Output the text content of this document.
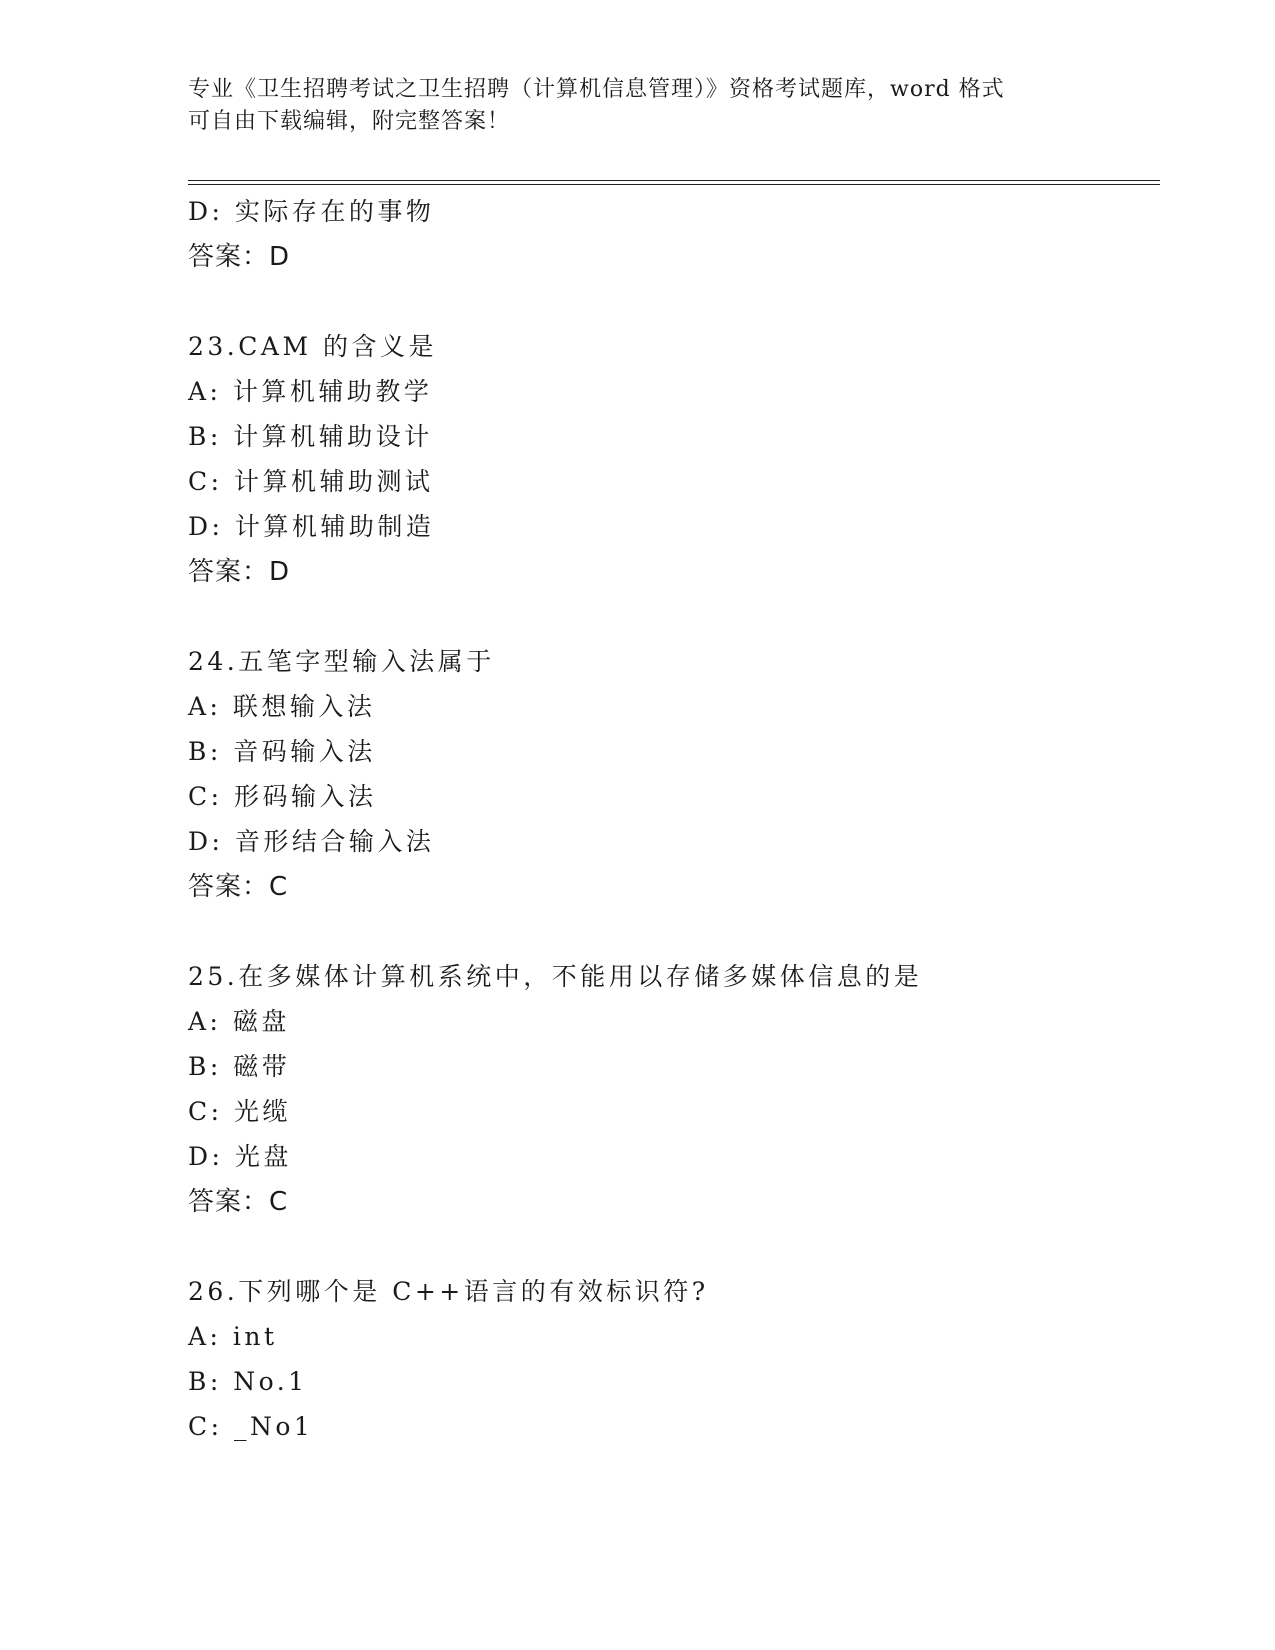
专业《卫生招聘考试之卫生招聘（计算机信息管理）》资格考试题库，word 格式
可自由下载编辑，附完整答案！
D: 实际存在的事物
答案：D
23.CAM 的含义是
A: 计算机辅助教学
B: 计算机辅助设计
C: 计算机辅助测试
D: 计算机辅助制造
答案：D
24.五笔字型输入法属于
A: 联想输入法
B: 音码输入法
C: 形码输入法
D: 音形结合输入法
答案：C
25.在多媒体计算机系统中，不能用以存储多媒体信息的是
A: 磁盘
B: 磁带
C: 光缆
D: 光盘
答案：C
26.下列哪个是 C++语言的有效标识符?
A: int
B: No.1
C: _No1
